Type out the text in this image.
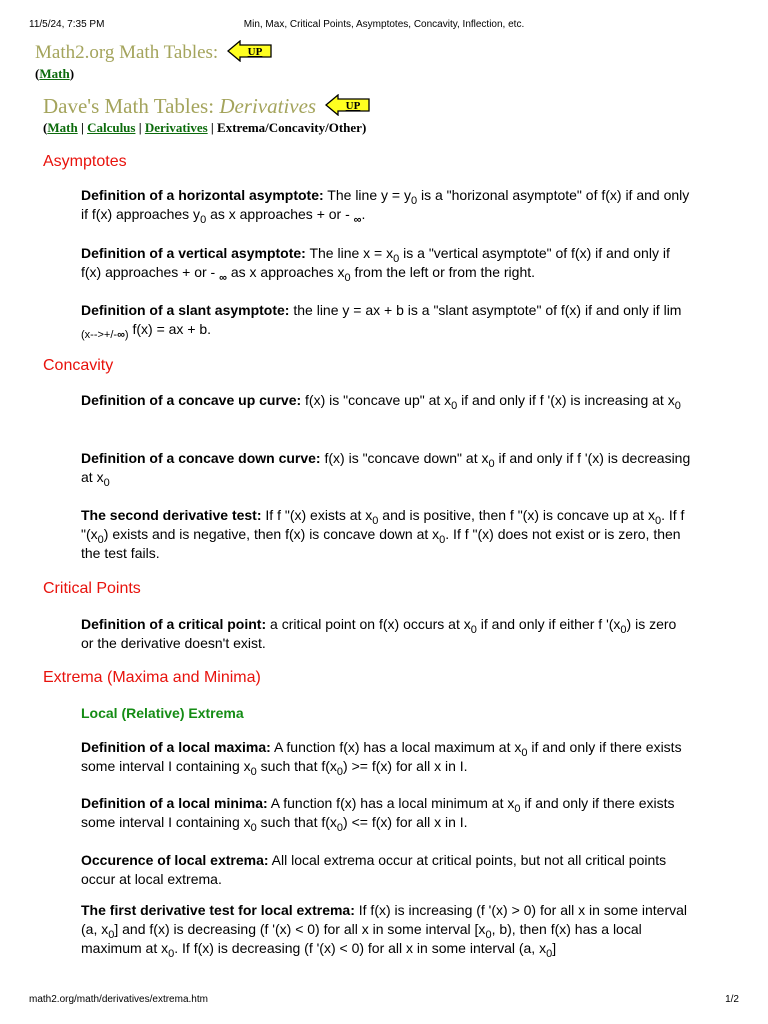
11/5/24, 7:35 PM	Min, Max, Critical Points, Asymptotes, Concavity, Inflection, etc.
Math2.org Math Tables:	UP
(Math)
Dave's Math Tables: Derivatives	UP
(Math | Calculus | Derivatives | Extrema/Concavity/Other)
Asymptotes

Definition of a horizontal asymptote: The line $y = y_0$ is a "horizonal asymptote" of f(x) if and only if f(x) approaches $y_0$ as x approaches + or - $_\infty$.

Definition of a vertical asymptote: The line $x = x_0$ is a "vertical asymptote" of f(x) if and only if f(x) approaches + or - $_\infty$ as x approaches $x_0$ from the left or from the right.

Definition of a slant asymptote: the line y = ax + b is a "slant asymptote" of f(x) if and only if lim $_{(x-->+/-\infty)}$ f(x) = ax + b.

Concavity

Definition of a concave up curve: f(x) is "concave up" at $x_0$ if and only if f '(x) is increasing at $x_0$

Definition of a concave down curve: f(x) is "concave down" at $x_0$ if and only if f '(x) is decreasing at $x_0$

The second derivative test: If f "(x) exists at $x_0$ and is positive, then f "(x) is concave up at $x_0$. If f "$(x_0)$ exists and is negative, then f(x) is concave down at $x_0$. If f "(x) does not exist or is zero, then the test fails.

Critical Points

Definition of a critical point: a critical point on f(x) occurs at $x_0$ if and only if either f '$(x_0)$ is zero or the derivative doesn't exist.

Extrema (Maxima and Minima)
Local (Relative) Extrema

Definition of a local maxima: A function f(x) has a local maximum at $x_0$ if and only if there exists some interval I containing $x_0$ such that $f(x_0) >= f(x)$ for all x in I.

Definition of a local minima: A function f(x) has a local minimum at $x_0$ if and only if there exists some interval I containing $x_0$ such that $f(x_0) <= f(x)$ for all x in I.

Occurence of local extrema: All local extrema occur at critical points, but not all critical points occur at local extrema.

The first derivative test for local extrema: If f(x) is increasing (f '(x) > 0) for all x in some interval (a, $x_0$] and f(x) is decreasing (f '(x) < 0) for all x in some interval [$x_0$, b), then f(x) has a local maximum at $x_0$. If f(x) is decreasing (f '(x) < 0) for all x in some interval (a, $x_0$]

math2.org/math/derivatives/extrema.htm	1/2
